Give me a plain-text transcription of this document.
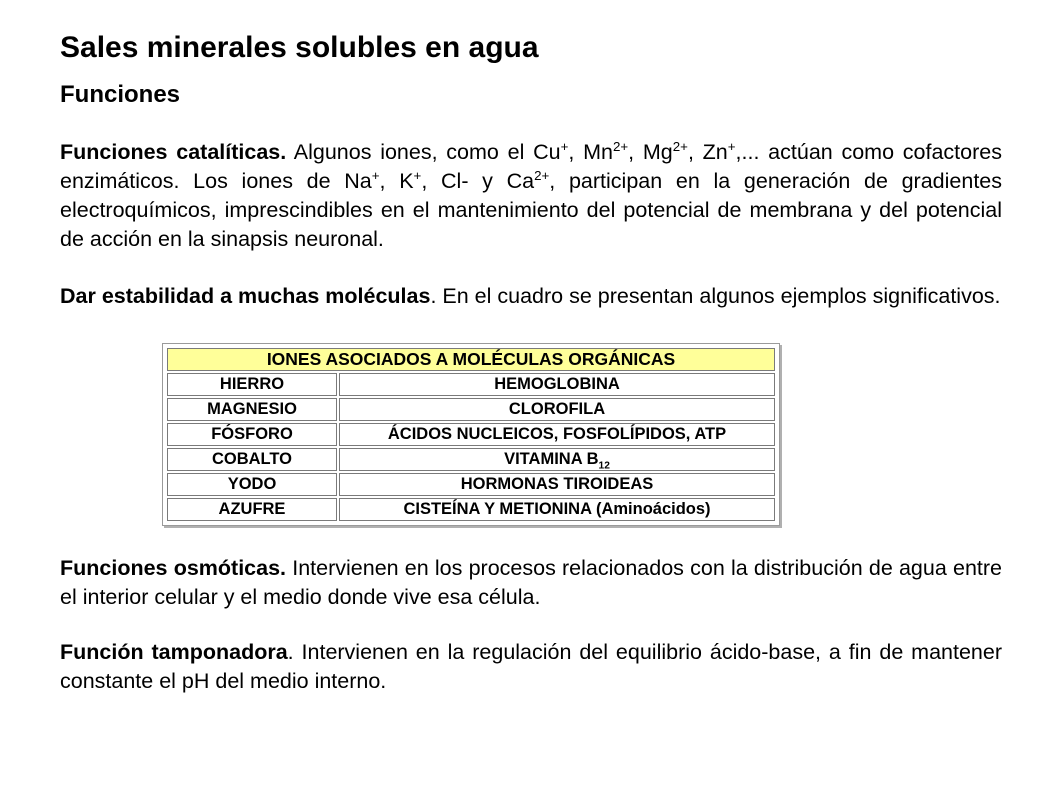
Sales minerales solubles en agua
Funciones

Funciones catalíticas. Algunos iones, como el Cu+, $Mn^{2+}$, $Mg^{2+}$, Zn+,... actúan como cofactores enzimáticos. Los iones de Na+, K+, Cl- y $Ca^{2+}$, participan en la generación de gradientes electroquímicos, imprescindibles en el mantenimiento del potencial de membrana y del potencial de acción en la sinapsis neuronal.

Dar estabilidad a muchas moléculas. En el cuadro se presentan algunos ejemplos significativos.

IONES ASOCIADOS A MOLÉCULAS ORGÁNICAS	
HIERRO	HEMOGLOBINA
MAGNESIO	CLOROFILA
FÓSFORO	ÁCIDOS NUCLEICOS, FOSFOLÍPIDOS, ATP
COBALTO	VITAMINA $B_{12}$
YODO	HORMONAS TIROIDEAS
AZUFRE	CISTEÍNA Y METIONINA (Aminoácidos)

Funciones osmóticas. Intervienen en los procesos relacionados con la distribución de agua entre el interior celular y el medio donde vive esa célula.

Función tamponadora. Intervienen en la regulación del equilibrio ácido-base, a fin de mantener constante el pH del medio interno.
